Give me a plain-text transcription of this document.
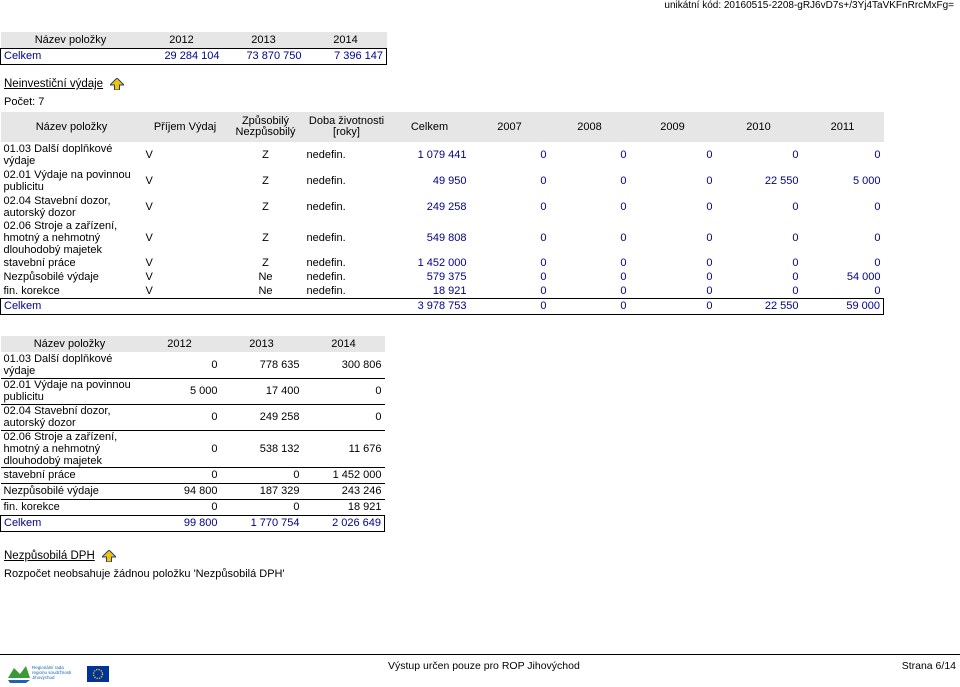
unikátní kód: 20160515-2208-gRJ6vD7s+/3Yj4TaVKFnRrcMxFg=
Název položky	2012	2013	2014
Celkem	29 284 104	73 870 750	7 396 147
Neinvestiční výdaje
Počet: 7
Název položky	Příjem Výdaj	Způsobilý Nezpůsobilý	Doba životnosti [roky]	Celkem	2007	2008	2009	2010	2011
01.03 Další doplňkové výdaje	V	Z	nedefin.	1 079 441	0	0	0	0	0
02.01 Výdaje na povinnou publicitu	V	Z	nedefin.	49 950	0	0	0	22 550	5 000
02.04 Stavební dozor, autorský dozor	V	Z	nedefin.	249 258	0	0	0	0	0
02.06 Stroje a zařízení, hmotný a nehmotný dlouhodobý majetek	V	Z	nedefin.	549 808	0	0	0	0	0
stavební práce	V	Z	nedefin.	1 452 000	0	0	0	0	0
Nezpůsobilé výdaje	V	Ne	nedefin.	579 375	0	0	0	0	54 000
fin. korekce	V	Ne	nedefin.	18 921	0	0	0	0	0
Celkem				3 978 753	0	0	0	22 550	59 000
Název položky	2012	2013	2014
01.03 Další doplňkové výdaje	0	778 635	300 806
02.01 Výdaje na povinnou publicitu	5 000	17 400	0
02.04 Stavební dozor, autorský dozor	0	249 258	0
02.06 Stroje a zařízení, hmotný a nehmotný dlouhodobý majetek	0	538 132	11 676
stavební práce	0	0	1 452 000
Nezpůsobilé výdaje	94 800	187 329	243 246
fin. korekce	0	0	18 921
Celkem	99 800	1 770 754	2 026 649
Nezpůsobilá DPH
Rozpočet neobsahuje žádnou položku 'Nezpůsobilá DPH'

Regionální rada regionu soudržnosti Jihovýchod
Výstup určen pouze pro ROP Jihovýchod	Strana 6/14
